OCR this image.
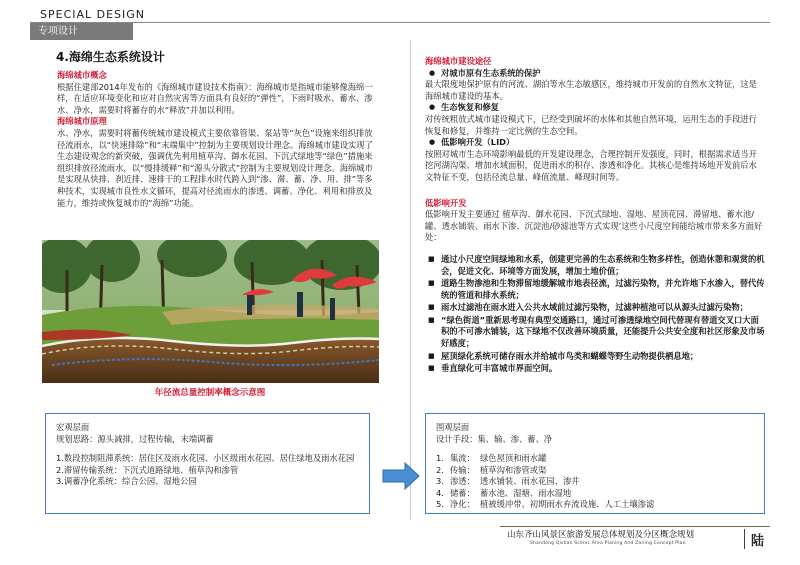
SPECIAL DESIGN
专项设计
4.海绵生态系统设计

海绵城市概念

根据住建部2014年发布的《海绵城市建设技术指南》：海绵城市是指城市能够像海绵一样，在适应环境变化和应对自然灾害等方面具有良好的“弹性”，下雨时吸水、蓄水、渗水、净水，需要时将蓄存的水“释放”并加以利用。

海绵城市原理

水、净水，需要时将蓄传统城市建设模式主要依靠管渠、泵站等“灰色”设施来组织排放径流雨水，以“快速排除”和“末端集中”控制为主要规划设计理念。海绵城市建设实现了生态建设观念的新突破，强调优先利用植草沟、御水花园、下沉式绿地等“绿色”措施来组织排放径流雨水，以“慢排缓释”和“源头分散式”控制为主要规划设计理念。海绵城市是实现从快排、刹近排、速排干的工程排水时代跨入到“渗、滞、蓄、净、用、排”等多种技术，实现城市良性水文循环，提高对径流雨水的渗透、调蓄、净化、利用和排放及能力，维持或恢复城市的“海绵”功能。

年径流总量控制率概念示意图

海绵城市建设途径

● 对城市原有生态系统的保护

最大限度地保护原有的河流、湖泊等水生态敏感区，维持城市开发前的自然水文特征，这是海绵城市建设的基本。

● 生态恢复和修复

对传统粗放式城市建设模式下，已经受到破坏的水体和其他自然环境，运用生态的手段进行恢复和修复，并维持一定比例的生态空间。

● 低影响开发（LID）

按照对城市生态环境影响最低的开发建设理念，合理控制开发强度，同时，根据需求适当开挖河湖沟渠、增加水域面积，促进雨水的积存、渗透和净化。其核心是维持场地开发前后水文特征不变，包括径流总量、峰值流量、峰现时间等。

低影响开发

低影响开发主要通过 植草沟、御水花园、下沉式绿地、湿地、屋顶花园、滞留地、蓄水池/罐、透水铺装、雨水下渗、沉淀池/砂滤池等方式实现’这些小尺度空间能给城市带来多方面好处：

■ 通过小尺度空间绿地和水系，创建更完善的生态系统和生物多样性，创造休憩和观赏的机会，促进文化、环境等方面发展，增加土地价值；
■ 道路生物渗池和生物滞留地缓解城市地表径流，过滤污染物，并允许地下水渗入，替代传统的管道和排水系统；
■ 雨水过滤池在雨水进入公共水域前过滤污染物，过滤种植池可以从源头过滤污染物；
■ “绿色街道”重新思考现有典型交通路口，通过可渗透绿地空间代替现有替道交叉口大面积的不可渗水铺装，这下绿地不仅改善环境质量，还能提升公共安全度和社区形象及市场好感度；
■ 屋顶绿化系统可储存雨水并给城市鸟类和蝴蝶等野生动物提供栖息地；
■ 垂直绿化可丰富城市界面空间。

宏观层面

规划思路：源头减排，过程传输，末端调蓄

1.数段控制阻滞系统：居住区及雨水花园、小区级雨水花园、居住绿地及雨水花园

2.滞留传输系统：下沉式道路绿地、植草沟和渗管

3.调蓄净化系统：综合公园、湿地公园

围观层面

设计手段：集、输、渗、蓄、净

1. 集流： 绿色屋顶和雨水罐
2. 传输： 植草沟和渗管或渠
3. 渗透： 透水铺装、雨水花园、渗井
4. 储蓄： 蓄水池、湿塘、雨水湿地
5. 净化： 植被缓冲带、初期雨水弃流设施、人工土壤渗滤
山东齐山风景区旅游发展总体规划及分区概念规划
Shandong Qishan Scenic Area Planing And Zoning Concept Plan	陆
